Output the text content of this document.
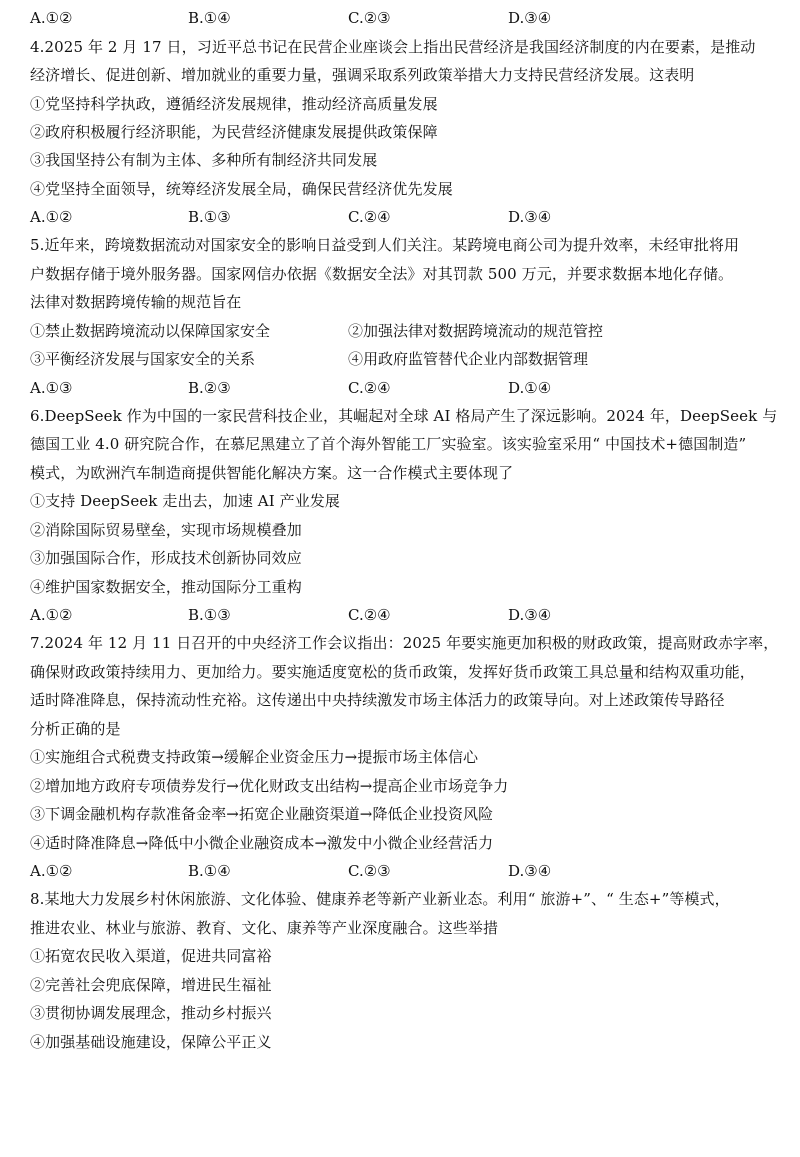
A.①②	B.①④	C.②③	D.③④
4.2025 年 2 月 17 日，习近平总书记在民营企业座谈会上指出民营经济是我国经济制度的内在要素，是推动
经济增长、促进创新、增加就业的重要力量，强调采取系列政策举措大力支持民营经济发展。这表明
①党坚持科学执政，遵循经济发展规律，推动经济高质量发展
②政府积极履行经济职能，为民营经济健康发展提供政策保障
③我国坚持公有制为主体、多种所有制经济共同发展
④党坚持全面领导，统筹经济发展全局，确保民营经济优先发展
A.①②	B.①③	C.②④	D.③④
5.近年来，跨境数据流动对国家安全的影响日益受到人们关注。某跨境电商公司为提升效率，未经审批将用
户数据存储于境外服务器。国家网信办依据《数据安全法》对其罚款 500 万元，并要求数据本地化存储。
法律对数据跨境传输的规范旨在
①禁止数据跨境流动以保障国家安全	②加强法律对数据跨境流动的规范管控
③平衡经济发展与国家安全的关系	④用政府监管替代企业内部数据管理
A.①③	B.②③	C.②④	D.①④
6.DeepSeek 作为中国的一家民营科技企业，其崛起对全球 AI 格局产生了深远影响。2024 年，DeepSeek 与
德国工业 4.0 研究院合作，在慕尼黑建立了首个海外智能工厂实验室。该实验室采用“ 中国技术+德国制造”
模式，为欧洲汽车制造商提供智能化解决方案。这一合作模式主要体现了
①支持 DeepSeek 走出去，加速 AI 产业发展
②消除国际贸易壁垒，实现市场规模叠加
③加强国际合作，形成技术创新协同效应
④维护国家数据安全，推动国际分工重构
A.①②	B.①③	C.②④	D.③④
7.2024 年 12 月 11 日召开的中央经济工作会议指出：2025 年要实施更加积极的财政政策，提高财政赤字率，
确保财政政策持续用力、更加给力。要实施适度宽松的货币政策，发挥好货币政策工具总量和结构双重功能，
适时降准降息，保持流动性充裕。这传递出中央持续激发市场主体活力的政策导向。对上述政策传导路径
分析正确的是
①实施组合式税费支持政策→缓解企业资金压力→提振市场主体信心
②增加地方政府专项债券发行→优化财政支出结构→提高企业市场竞争力
③下调金融机构存款准备金率→拓宽企业融资渠道→降低企业投资风险
④适时降准降息→降低中小微企业融资成本→激发中小微企业经营活力
A.①②	B.①④	C.②③	D.③④
8.某地大力发展乡村休闲旅游、文化体验、健康养老等新产业新业态。利用“ 旅游+”、“ 生态+”等模式，
推进农业、林业与旅游、教育、文化、康养等产业深度融合。这些举措
①拓宽农民收入渠道，促进共同富裕
②完善社会兜底保障，增进民生福祉
③贯彻协调发展理念，推动乡村振兴
④加强基础设施建设，保障公平正义
